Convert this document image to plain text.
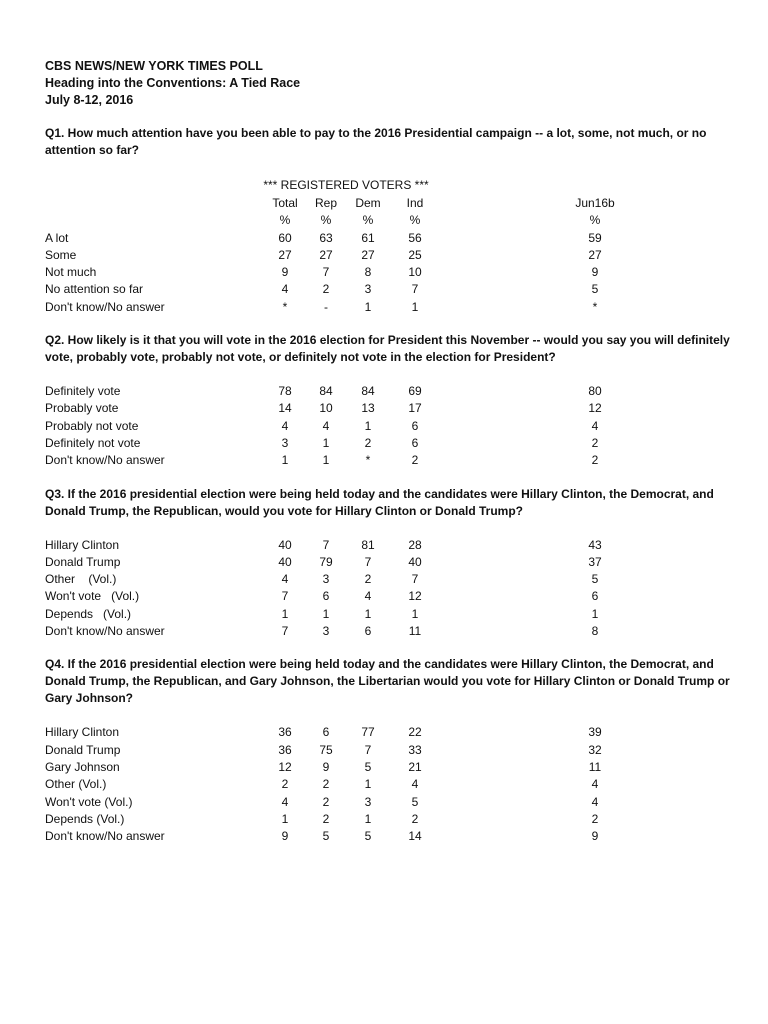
CBS NEWS/NEW YORK TIMES POLL
Heading into the Conventions: A Tied Race
July 8-12, 2016

Q1. How much attention have you been able to pay to the 2016 Presidential campaign -- a lot, some, not much, or no attention so far?

*** REGISTERED VOTERS ***
Total	Rep	Dem	Ind	Jun16b
%	%	%	%	%
A lot	60	63	61	56	59
Some	27	27	27	25	27
Not much	9	7	8	10	9
No attention so far	4	2	3	7	5
Don't know/No answer	*	-	1	1	*

Q2. How likely is it that you will vote in the 2016 election for President this November -- would you say you will definitely vote, probably vote, probably not vote, or definitely not vote in the election for President?

Definitely vote	78	84	84	69	80
Probably vote	14	10	13	17	12
Probably not vote	4	4	1	6	4
Definitely not vote	3	1	2	6	2
Don't know/No answer	1	1	*	2	2

Q3. If the 2016 presidential election were being held today and the candidates were Hillary Clinton, the Democrat, and Donald Trump, the Republican, would you vote for Hillary Clinton or Donald Trump?

Hillary Clinton	40	7	81	28	43
Donald Trump	40	79	7	40	37
Other    (Vol.)	4	3	2	7	5
Won't vote   (Vol.)	7	6	4	12	6
Depends   (Vol.)	1	1	1	1	1
Don't know/No answer	7	3	6	11	8

Q4. If the 2016 presidential election were being held today and the candidates were Hillary Clinton, the Democrat, and Donald Trump, the Republican, and Gary Johnson, the Libertarian would you vote for Hillary Clinton or Donald Trump or Gary Johnson?

Hillary Clinton	36	6	77	22	39
Donald Trump	36	75	7	33	32
Gary Johnson	12	9	5	21	11
Other (Vol.)	2	2	1	4	4
Won't vote (Vol.)	4	2	3	5	4
Depends (Vol.)	1	2	1	2	2
Don't know/No answer	9	5	5	14	9
